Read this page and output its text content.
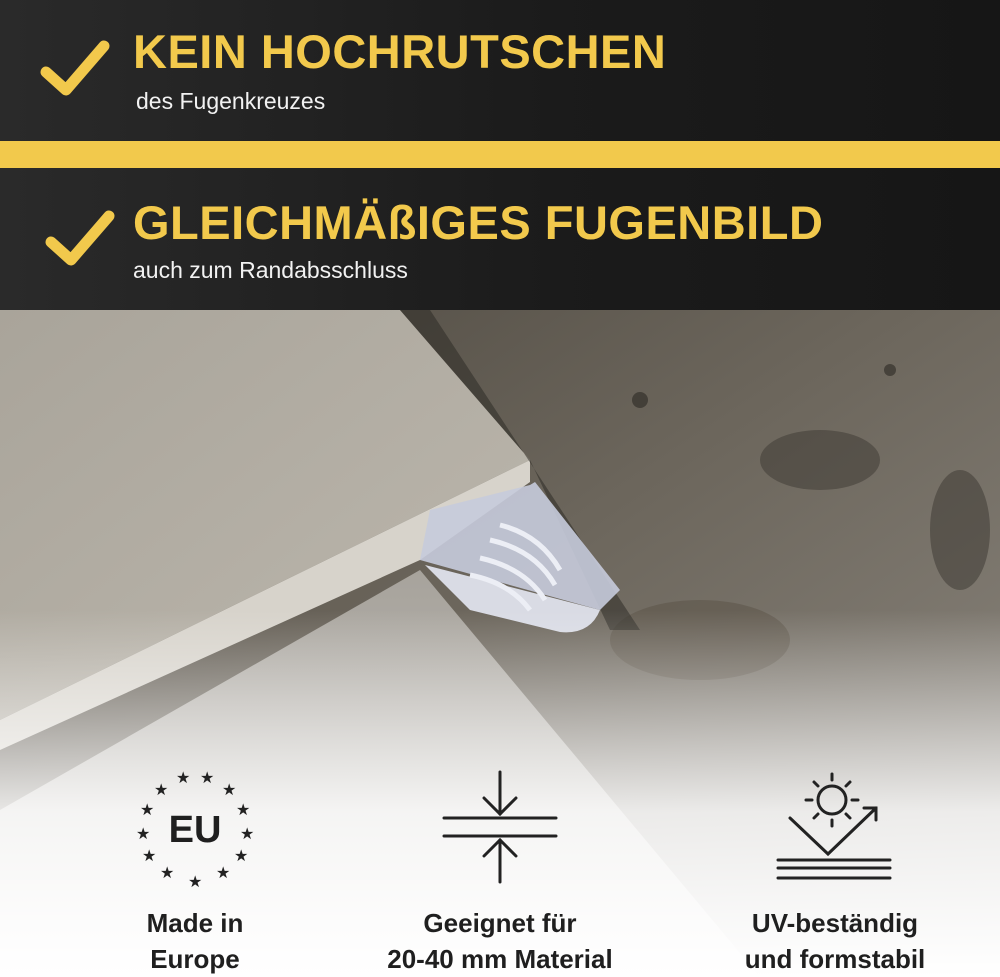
KEIN HOCHRUTSCHEN
des Fugenkreuzes
GLEICHMÄßIGES FUGENBILD
auch zum Randabsschluss
★ ★
★	★
★	★
★	★
★	★
★	★
★
EU
Made in
Europe
Geeignet für
20-40 mm Material
UV-beständig
und formstabil
